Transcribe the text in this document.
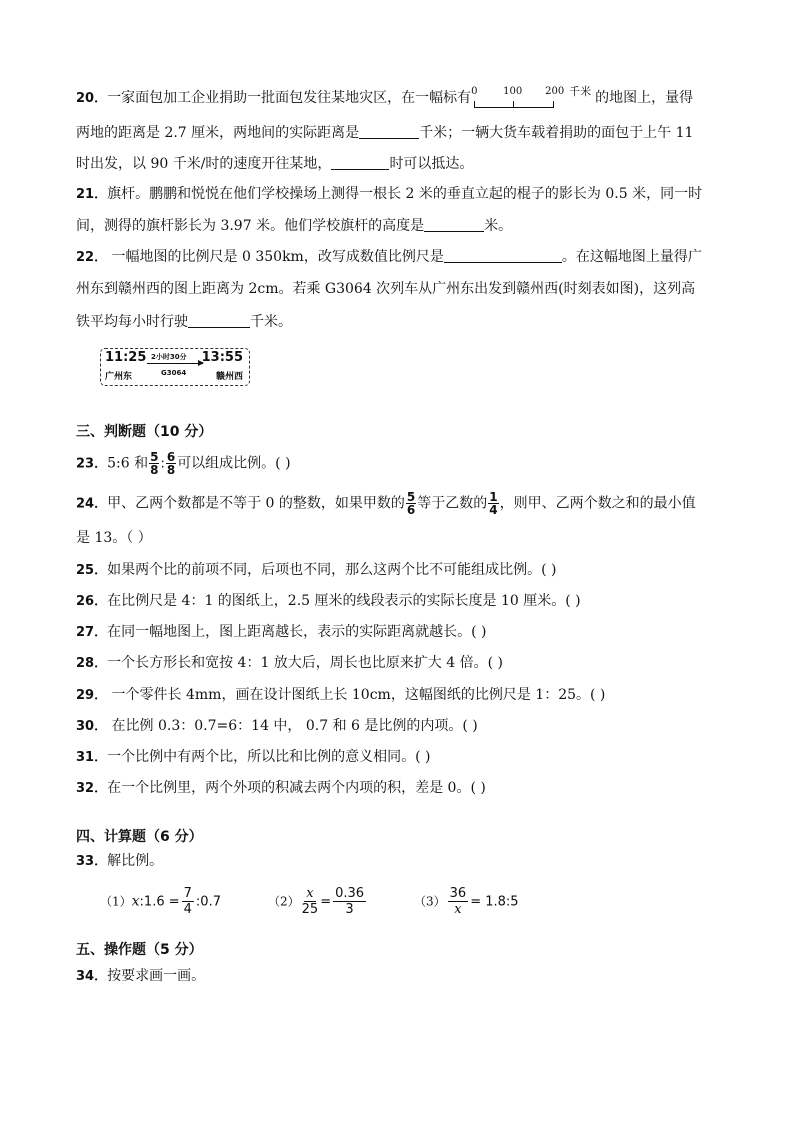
20．一家面包加工企业捐助一批面包发往某地灾区，在一幅标有 0	100 200 千米 的地图上，量得
两地的距离是 2.7 厘米，两地间的实际距离是	千米；一辆大货车载着捐助的面包于上午 11
时出发，以 90 千米/时的速度开往某地，	时可以抵达。
21．旗杆。鹏鹏和悦悦在他们学校操场上测得一根长 2 米的垂直立起的棍子的影长为 0.5 米，同一时
间，测得的旗杆影长为 3.97 米。他们学校旗杆的高度是	米。
22． 一幅地图的比例尺是 0 350km，改写成数值比例尺是	。在这幅地图上量得广
州东到赣州西的图上距离为 2cm。若乘 G3064 次列车从广州东出发到赣州西(时刻表如图)，这列高
铁平均每小时行驶	千米。
11:25 2小时30分 13:55
广州东	G3064	赣州西
三、判断题（10 分）
23．5:6 和 $\frac{5}{8}$ : $\frac{6}{8}$ 可以组成比例。( )
24．甲、乙两个数都是不等于 0 的整数，如果甲数的 $\frac{5}{6}$ 等于乙数的 $\frac{1}{4}$ ，则甲、乙两个数之和的最小值
是 13。（ ）
25．如果两个比的前项不同，后项也不同，那么这两个比不可能组成比例。( )
26．在比例尺是 4：1 的图纸上，2.5 厘米的线段表示的实际长度是 10 厘米。( )
27．在同一幅地图上，图上距离越长，表示的实际距离就越长。( )
28．一个长方形长和宽按 4：1 放大后，周长也比原来扩大 4 倍。( )
29． 一个零件长 4mm，画在设计图纸上长 10cm，这幅图纸的比例尺是 1：25。( )
30． 在比例 0.3：0.7=6：14 中， 0.7 和 6 是比例的内项。( )
31．一个比例中有两个比，所以比和比例的意义相同。( )
32．在一个比例里，两个外项的积减去两个内项的积，差是 0。( )
四、计算题（6 分）
33．解比例。
（1）x:1.6 = $\frac{7}{4}$ :0.7	$(2) \frac{x}{25} = \frac{0.36}{3}$	$(3) \frac{36}{x}$ = 1.8:5
五、操作题（5 分）
34．按要求画一画。
